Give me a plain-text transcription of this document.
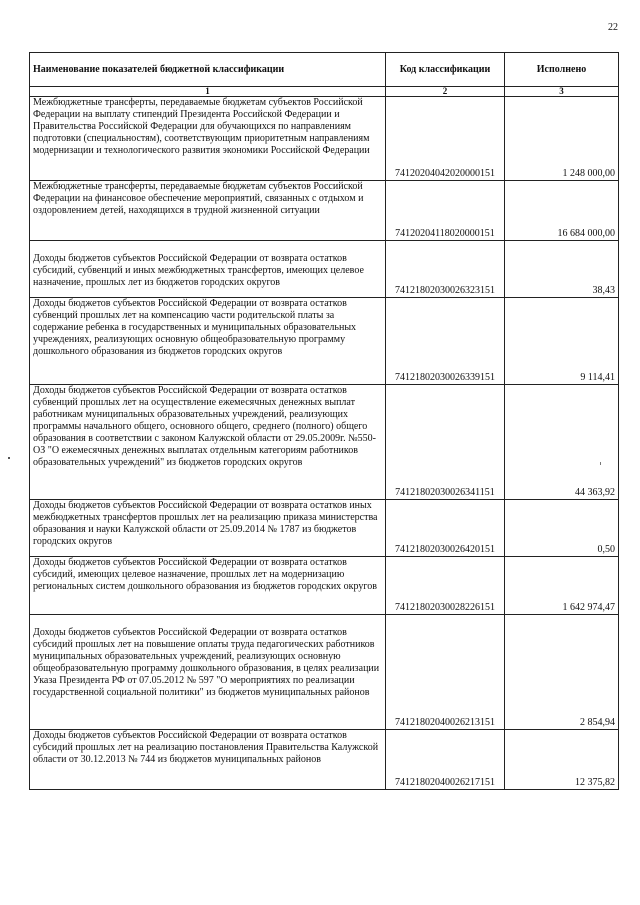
22
Наименование показателей бюджетной классификации	Код классификации	Исполнено
1	2	3
Межбюджетные трансферты, передаваемые бюджетам субъектов Российской Федерации на выплату стипендий Президента Российской Федерации и Правительства Российской Федерации для обучающихся по направлениям подготовки (специальностям), соответствующим приоритетным направлениям модернизации и технологического развития экономики Российской Федерации	74120204042020000151	1 248 000,00
Межбюджетные трансферты, передаваемые бюджетам субъектов Российской Федерации на финансовое обеспечение мероприятий, связанных с отдыхом и оздоровлением детей, находящихся в трудной жизненной ситуации	74120204118020000151	16 684 000,00
Доходы бюджетов субъектов Российской Федерации от возврата остатков субсидий, субвенций и иных межбюджетных трансфертов, имеющих целевое назначение, прошлых лет из бюджетов городских округов	74121802030026323151	38,43
Доходы бюджетов субъектов Российской Федерации от возврата остатков субвенций прошлых лет на компенсацию части родительской платы за содержание ребенка в государственных и муниципальных образовательных учреждениях, реализующих основную общеобразовательную программу дошкольного образования из бюджетов городских округов	74121802030026339151	9 114,41
Доходы бюджетов субъектов Российской Федерации от возврата остатков субвенций прошлых лет на осуществление ежемесячных денежных выплат работникам муниципальных образовательных учреждений, реализующих программы начального общего, основного общего, среднего (полного) общего образования в соответствии с законом Калужской области от 29.05.2009г. №550-ОЗ "О ежемесячных денежных выплатах отдельным категориям работников образовательных учреждений" из бюджетов городских округов	74121802030026341151	44 363,92
Доходы бюджетов субъектов Российской Федерации от возврата остатков иных межбюджетных трансфертов прошлых лет на реализацию приказа министерства образования и науки Калужской области от 25.09.2014 № 1787 из бюджетов городских округов	74121802030026420151	0,50
Доходы бюджетов субъектов Российской Федерации от возврата остатков субсидий, имеющих целевое назначение, прошлых лет на модернизацию региональных систем дошкольного образования из бюджетов городских округов	74121802030028226151	1 642 974,47
Доходы бюджетов субъектов Российской Федерации от возврата остатков субсидий прошлых лет на повышение оплаты труда педагогических работников муниципальных образовательных учреждений, реализующих основную общеобразовательную программу дошкольного образования, в целях реализации Указа Президента РФ от 07.05.2012 № 597 "О мероприятиях по реализации государственной социальной политики" из бюджетов муниципальных районов	74121802040026213151	2 854,94
Доходы бюджетов субъектов Российской Федерации от возврата остатков субсидий прошлых лет на реализацию постановления Правительства Калужской области от 30.12.2013 № 744 из бюджетов муниципальных районов	74121802040026217151	12 375,82
